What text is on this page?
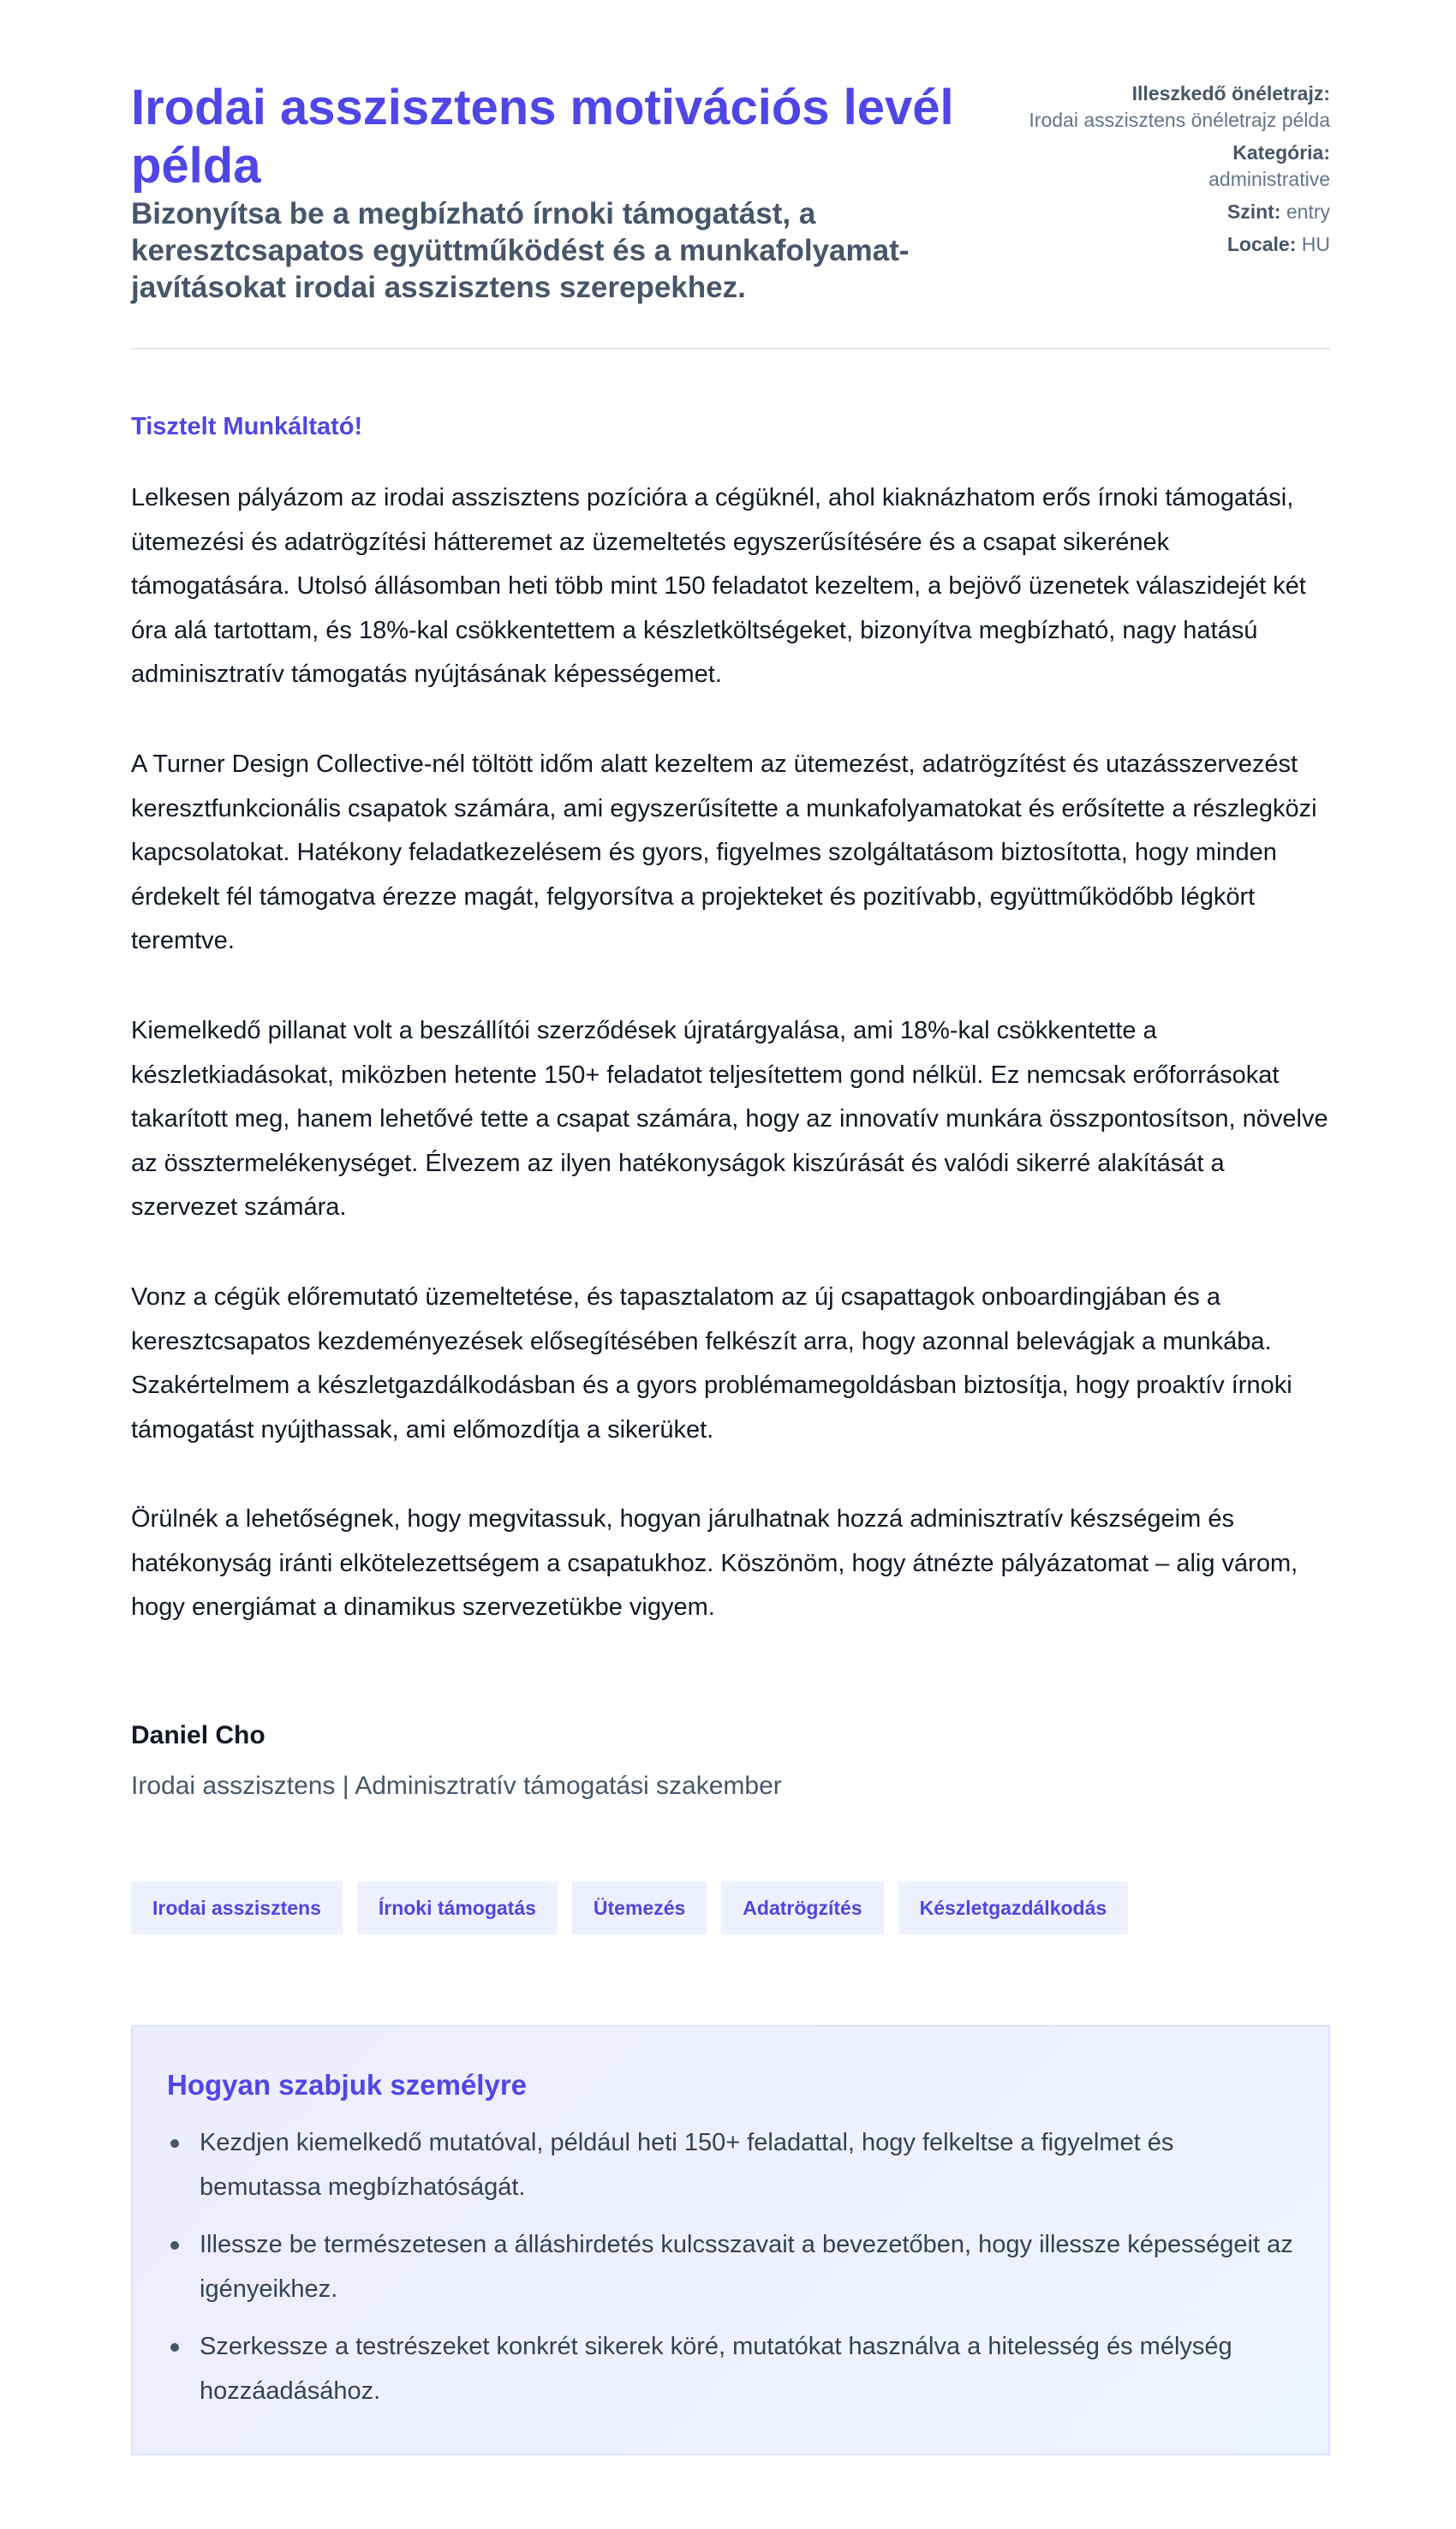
Irodai asszisztens motivációs levél példa
Bizonyítsa be a megbízható írnoki támogatást, a keresztcsapatos együttműködést és a munkafolyamat-javításokat irodai asszisztens szerepekhez.
Illeszkedő önéletrajz:
Irodai asszisztens önéletrajz példa
Kategória:
administrative
Szint: entry
Locale: HU
Tisztelt Munkáltató!

Lelkesen pályázom az irodai asszisztens pozícióra a cégüknél, ahol kiaknázhatom erős írnoki támogatási, ütemezési és adatrögzítési hátteremet az üzemeltetés egyszerűsítésére és a csapat sikerének támogatására. Utolsó állásomban heti több mint 150 feladatot kezeltem, a bejövő üzenetek válaszidejét két óra alá tartottam, és 18%-kal csökkentettem a készletköltségeket, bizonyítva megbízható, nagy hatású adminisztratív támogatás nyújtásának képességemet.

A Turner Design Collective-nél töltött időm alatt kezeltem az ütemezést, adatrögzítést és utazásszervezést keresztfunkcionális csapatok számára, ami egyszerűsítette a munkafolyamatokat és erősítette a részlegközi kapcsolatokat. Hatékony feladatkezelésem és gyors, figyelmes szolgáltatásom biztosította, hogy minden érdekelt fél támogatva érezze magát, felgyorsítva a projekteket és pozitívabb, együttműködőbb légkört teremtve.

Kiemelkedő pillanat volt a beszállítói szerződések újratárgyalása, ami 18%-kal csökkentette a készletkiadásokat, miközben hetente 150+ feladatot teljesítettem gond nélkül. Ez nemcsak erőforrásokat takarított meg, hanem lehetővé tette a csapat számára, hogy az innovatív munkára összpontosítson, növelve az össztermelékenységet. Élvezem az ilyen hatékonyságok kiszúrását és valódi sikerré alakítását a szervezet számára.

Vonz a cégük előremutató üzemeltetése, és tapasztalatom az új csapattagok onboardingjában és a keresztcsapatos kezdeményezések elősegítésében felkészít arra, hogy azonnal belevágjak a munkába. Szakértelmem a készletgazdálkodásban és a gyors problémamegoldásban biztosítja, hogy proaktív írnoki támogatást nyújthassak, ami előmozdítja a sikerüket.

Örülnék a lehetőségnek, hogy megvitassuk, hogyan járulhatnak hozzá adminisztratív készségeim és hatékonyság iránti elkötelezettségem a csapatukhoz. Köszönöm, hogy átnézte pályázatomat – alig várom, hogy energiámat a dinamikus szervezetükbe vigyem.

Daniel Cho
Irodai asszisztens | Adminisztratív támogatási szakember
Irodai asszisztens	Írnoki támogatás	Ütemezés	Adatrögzítés	Készletgazdálkodás
Hogyan szabjuk személyre
Kezdjen kiemelkedő mutatóval, például heti 150+ feladattal, hogy felkeltse a figyelmet és bemutassa megbízhatóságát.
Illessze be természetesen a álláshirdetés kulcsszavait a bevezetőben, hogy illessze képességeit az igényeikhez.
Szerkessze a testrészeket konkrét sikerek köré, mutatókat használva a hitelesség és mélység hozzáadásához.
